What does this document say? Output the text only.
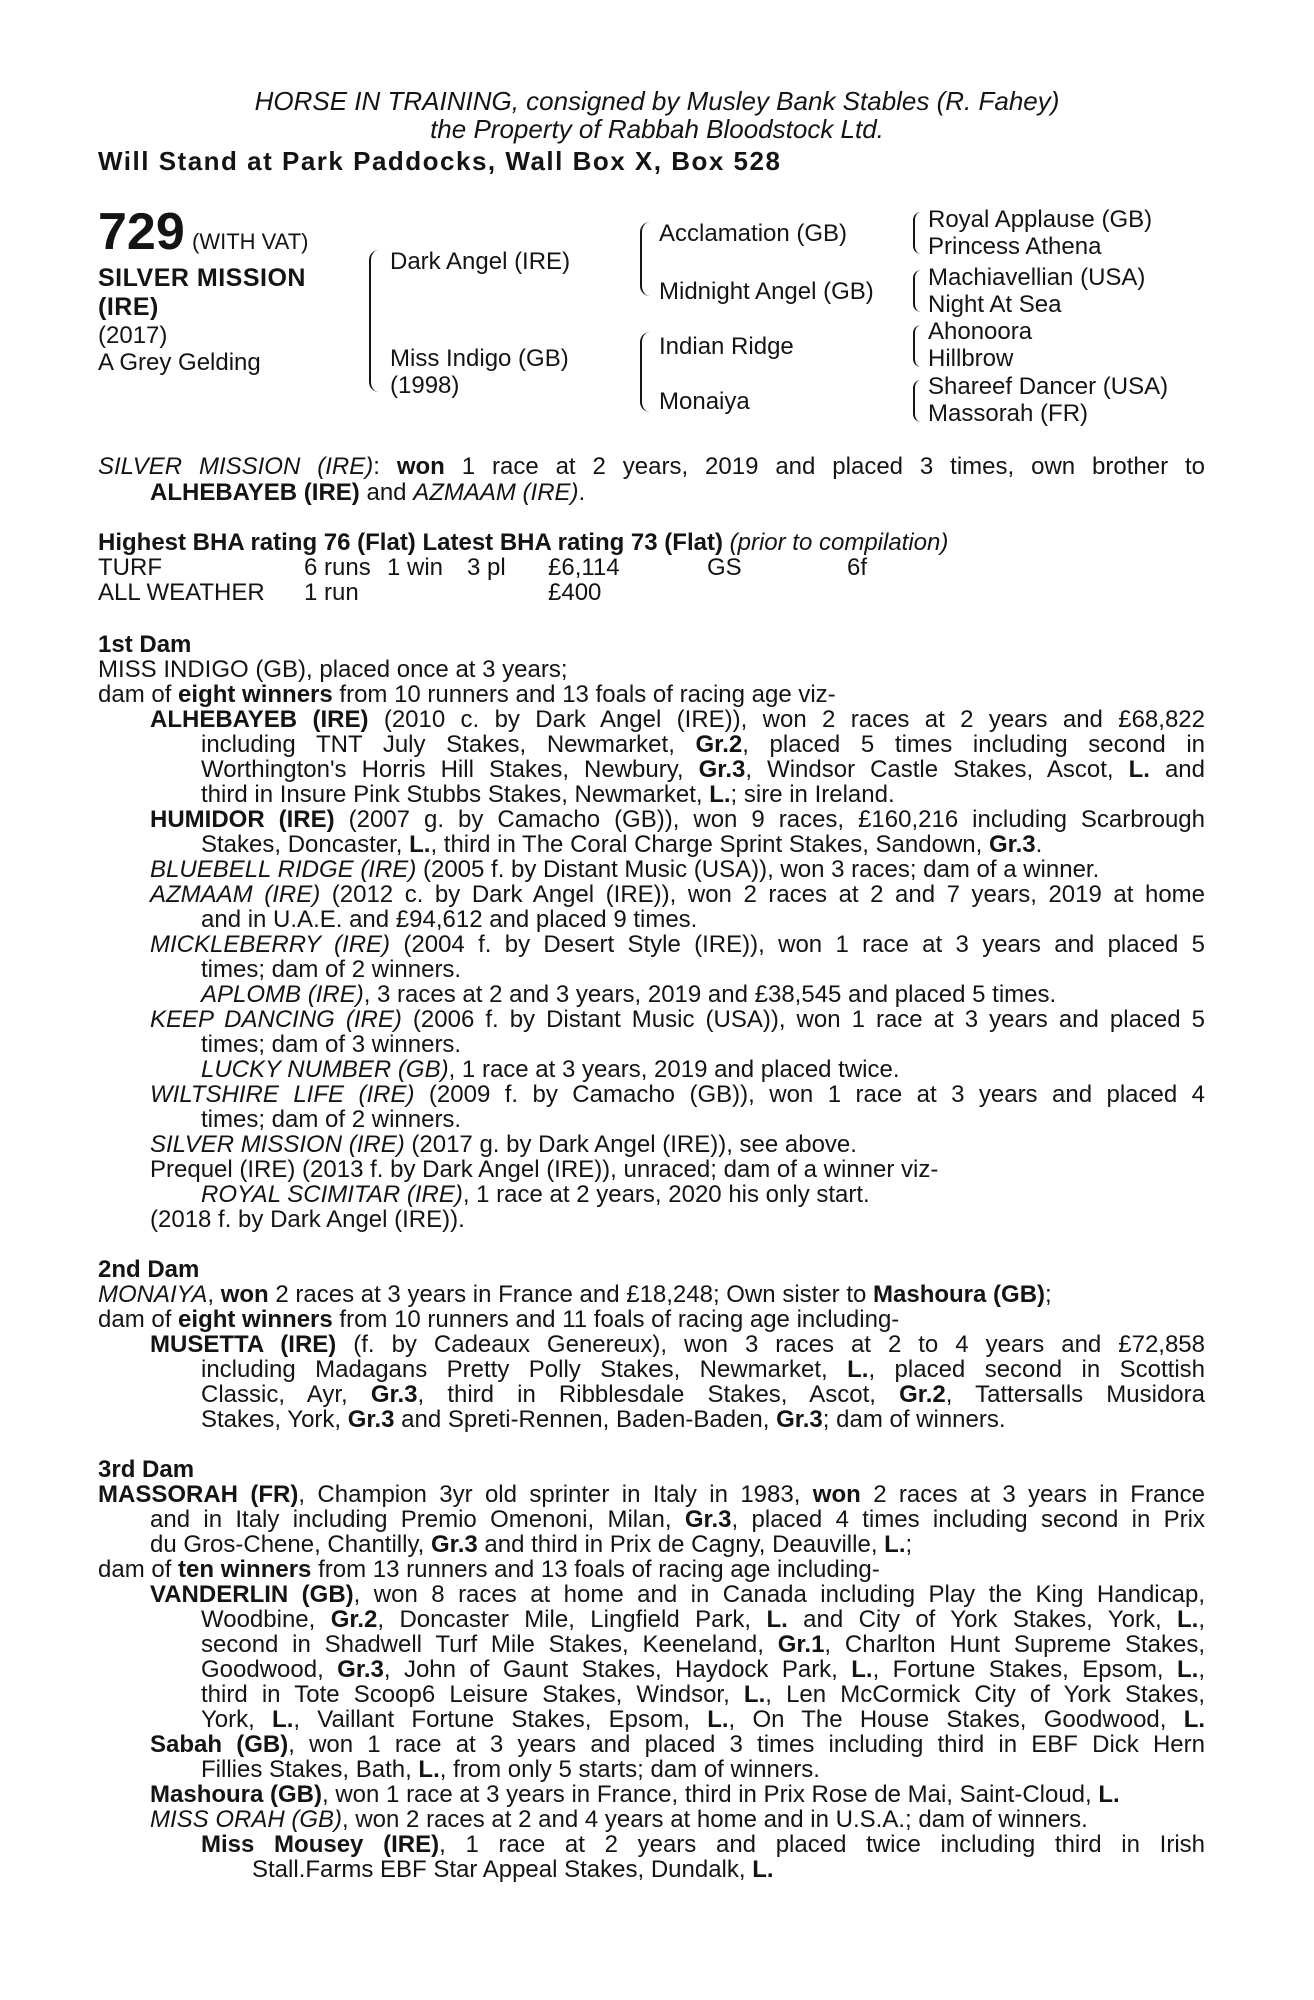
HORSE IN TRAINING, consigned by Musley Bank Stables (R. Fahey)
the Property of Rabbah Bloodstock Ltd.
Will Stand at Park Paddocks, Wall Box X, Box 528
729 (WITH VAT)
SILVER MISSION
(IRE)
(2017)
A Grey Gelding
Dark Angel (IRE)
Miss Indigo (GB)
(1998)
Acclamation (GB)
Midnight Angel (GB)
Indian Ridge
Monaiya
Royal Applause (GB)
Princess Athena
Machiavellian (USA)
Night At Sea
Ahonoora
Hillbrow
Shareef Dancer (USA)
Massorah (FR)
SILVER MISSION (IRE): won 1 race at 2 years, 2019 and placed 3 times, own brother to
ALHEBAYEB (IRE) and AZMAAM (IRE).
Highest BHA rating 76 (Flat) Latest BHA rating 73 (Flat) (prior to compilation)
TURF	6 runs 1 win 3 pl £6,114	GS	6f
ALL WEATHER 1 run	£400
1st Dam
MISS INDIGO (GB), placed once at 3 years;
dam of eight winners from 10 runners and 13 foals of racing age viz-
ALHEBAYEB (IRE) (2010 c. by Dark Angel (IRE)), won 2 races at 2 years and £68,822
including TNT July Stakes, Newmarket, Gr.2, placed 5 times including second in
Worthington's Horris Hill Stakes, Newbury, Gr.3, Windsor Castle Stakes, Ascot, L. and
third in Insure Pink Stubbs Stakes, Newmarket, L.; sire in Ireland.
HUMIDOR (IRE) (2007 g. by Camacho (GB)), won 9 races, £160,216 including Scarbrough
Stakes, Doncaster, L., third in The Coral Charge Sprint Stakes, Sandown, Gr.3.
BLUEBELL RIDGE (IRE) (2005 f. by Distant Music (USA)), won 3 races; dam of a winner.
AZMAAM (IRE) (2012 c. by Dark Angel (IRE)), won 2 races at 2 and 7 years, 2019 at home
and in U.A.E. and £94,612 and placed 9 times.
MICKLEBERRY (IRE) (2004 f. by Desert Style (IRE)), won 1 race at 3 years and placed 5
times; dam of 2 winners.
APLOMB (IRE), 3 races at 2 and 3 years, 2019 and £38,545 and placed 5 times.
KEEP DANCING (IRE) (2006 f. by Distant Music (USA)), won 1 race at 3 years and placed 5
times; dam of 3 winners.
LUCKY NUMBER (GB), 1 race at 3 years, 2019 and placed twice.
WILTSHIRE LIFE (IRE) (2009 f. by Camacho (GB)), won 1 race at 3 years and placed 4
times; dam of 2 winners.
SILVER MISSION (IRE) (2017 g. by Dark Angel (IRE)), see above.
Prequel (IRE) (2013 f. by Dark Angel (IRE)), unraced; dam of a winner viz-
ROYAL SCIMITAR (IRE), 1 race at 2 years, 2020 his only start.
(2018 f. by Dark Angel (IRE)).
2nd Dam
MONAIYA, won 2 races at 3 years in France and £18,248; Own sister to Mashoura (GB);
dam of eight winners from 10 runners and 11 foals of racing age including-
MUSETTA (IRE) (f. by Cadeaux Genereux), won 3 races at 2 to 4 years and £72,858
including Madagans Pretty Polly Stakes, Newmarket, L., placed second in Scottish
Classic, Ayr, Gr.3, third in Ribblesdale Stakes, Ascot, Gr.2, Tattersalls Musidora
Stakes, York, Gr.3 and Spreti-Rennen, Baden-Baden, Gr.3; dam of winners.
3rd Dam
MASSORAH (FR), Champion 3yr old sprinter in Italy in 1983, won 2 races at 3 years in France
and in Italy including Premio Omenoni, Milan, Gr.3, placed 4 times including second in Prix
du Gros-Chene, Chantilly, Gr.3 and third in Prix de Cagny, Deauville, L.;
dam of ten winners from 13 runners and 13 foals of racing age including-
VANDERLIN (GB), won 8 races at home and in Canada including Play the King Handicap,
Woodbine, Gr.2, Doncaster Mile, Lingfield Park, L. and City of York Stakes, York, L.,
second in Shadwell Turf Mile Stakes, Keeneland, Gr.1, Charlton Hunt Supreme Stakes,
Goodwood, Gr.3, John of Gaunt Stakes, Haydock Park, L., Fortune Stakes, Epsom, L.,
third in Tote Scoop6 Leisure Stakes, Windsor, L., Len McCormick City of York Stakes,
York, L., Vaillant Fortune Stakes, Epsom, L., On The House Stakes, Goodwood, L.
Sabah (GB), won 1 race at 3 years and placed 3 times including third in EBF Dick Hern
Fillies Stakes, Bath, L., from only 5 starts; dam of winners.
Mashoura (GB), won 1 race at 3 years in France, third in Prix Rose de Mai, Saint-Cloud, L.
MISS ORAH (GB), won 2 races at 2 and 4 years at home and in U.S.A.; dam of winners.
Miss Mousey (IRE), 1 race at 2 years and placed twice including third in Irish
Stall.Farms EBF Star Appeal Stakes, Dundalk, L.
